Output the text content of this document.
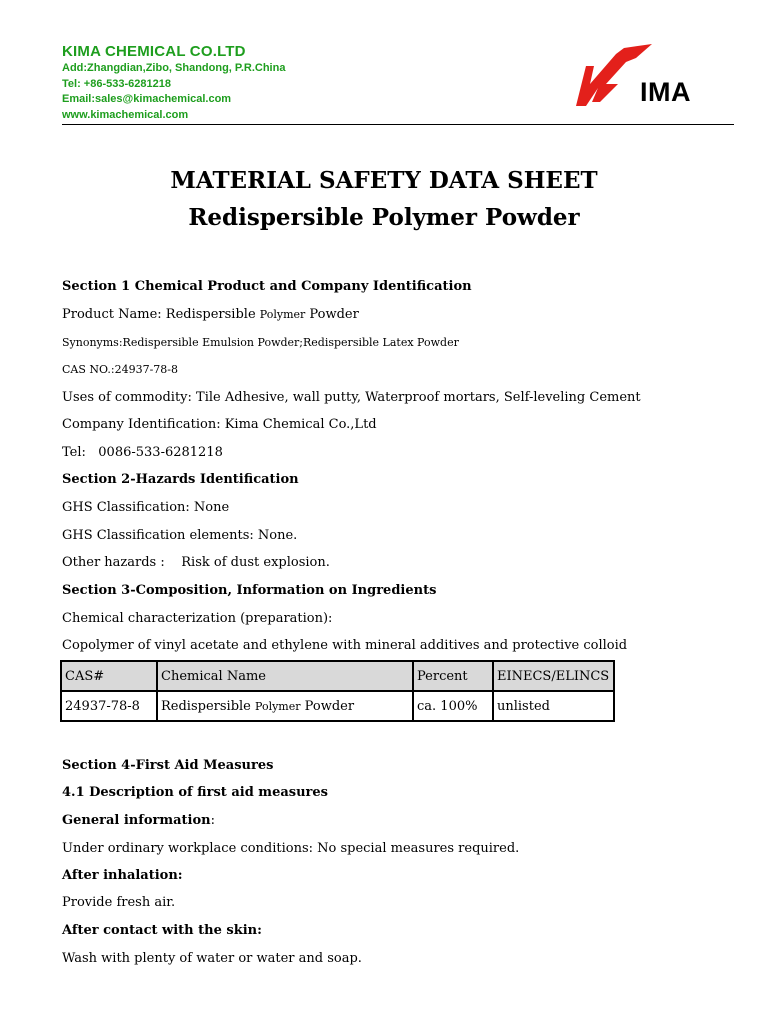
KIMA CHEMICAL CO.LTD
Add:Zhangdian,Zibo, Shandong, P.R.China
Tel: +86-533-6281218
Email:sales@kimachemical.com
www.kimachemical.com
IMA
MATERIAL SAFETY DATA SHEET
Redispersible Polymer Powder

Section 1 Chemical Product and Company Identification

Product Name: Redispersible Polymer Powder

Synonyms:Redispersible Emulsion Powder;Redispersible Latex Powder

CAS NO.:24937-78-8

Uses of commodity: Tile Adhesive, wall putty, Waterproof mortars, Self-leveling Cement

Company Identification: Kima Chemical Co.,Ltd

Tel:   0086-533-6281218

Section 2-Hazards Identification

GHS Classification: None

GHS Classification elements: None.

Other hazards :    Risk of dust explosion.

Section 3-Composition, Information on Ingredients

Chemical characterization (preparation):

Copolymer of vinyl acetate and ethylene with mineral additives and protective colloid

CAS#	Chemical Name	Percent	EINECS/ELINCS
24937-78-8	Redispersible Polymer Powder	ca. 100%	unlisted

Section 4-First Aid Measures

4.1 Description of first aid measures

General information:

Under ordinary workplace conditions: No special measures required.

After inhalation:

Provide fresh air.

After contact with the skin:

Wash with plenty of water or water and soap.
